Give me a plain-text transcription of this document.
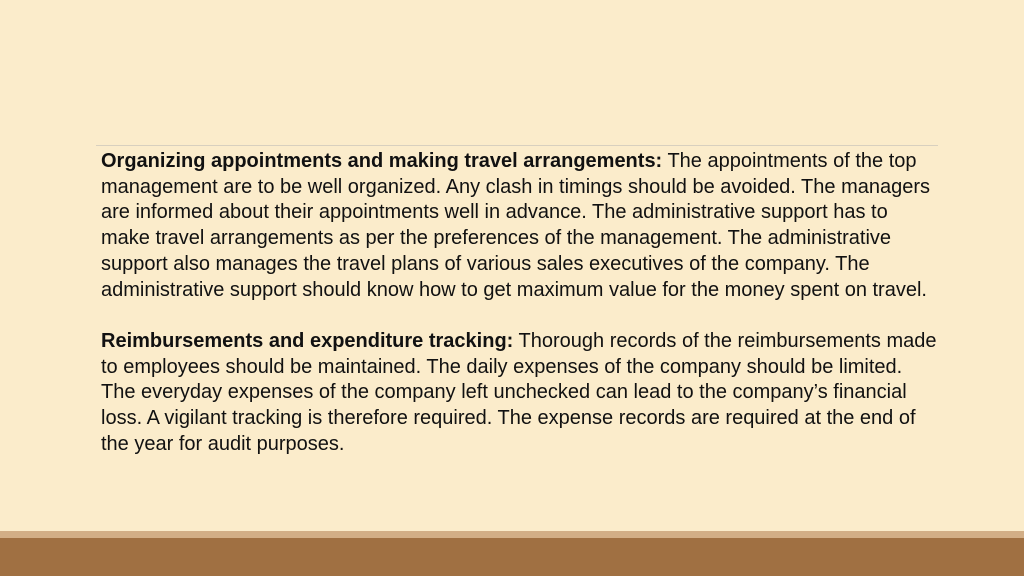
Organizing appointments and making travel arrangements: The appointments of the top management are to be well organized. Any clash in timings should be avoided. The managers are informed about their appointments well in advance. The administrative support has to make travel arrangements as per the preferences of the management. The administrative support also manages the travel plans of various sales executives of the company. The administrative support should know how to get maximum value for the money spent on travel.

Reimbursements and expenditure tracking: Thorough records of the reimbursements made to employees should be maintained. The daily expenses of the company should be limited. The everyday expenses of the company left unchecked can lead to the company’s financial loss. A vigilant tracking is therefore required. The expense records are required at the end of the year for audit purposes.
